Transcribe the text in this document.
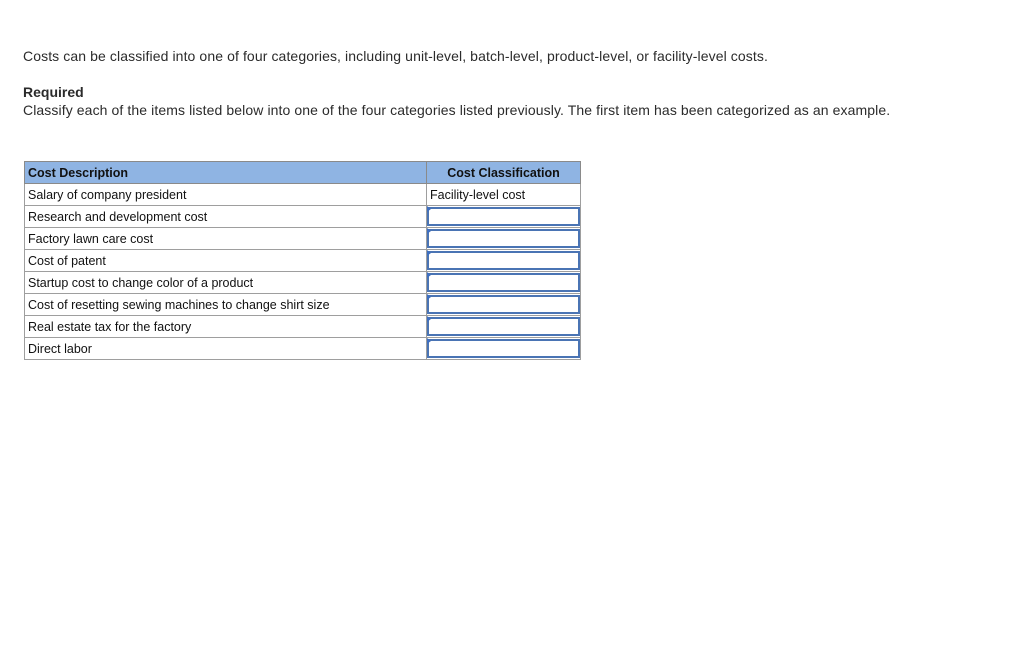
Costs can be classified into one of four categories, including unit-level, batch-level, product-level, or facility-level costs.
Required
Classify each of the items listed below into one of the four categories listed previously. The first item has been categorized as an example.
Cost Description	Cost Classification
Salary of company president	Facility-level cost
Research and development cost	

Factory lawn care cost	

Cost of patent	

Startup cost to change color of a product	

Cost of resetting sewing machines to change shirt size	

Real estate tax for the factory	

Direct labor	
